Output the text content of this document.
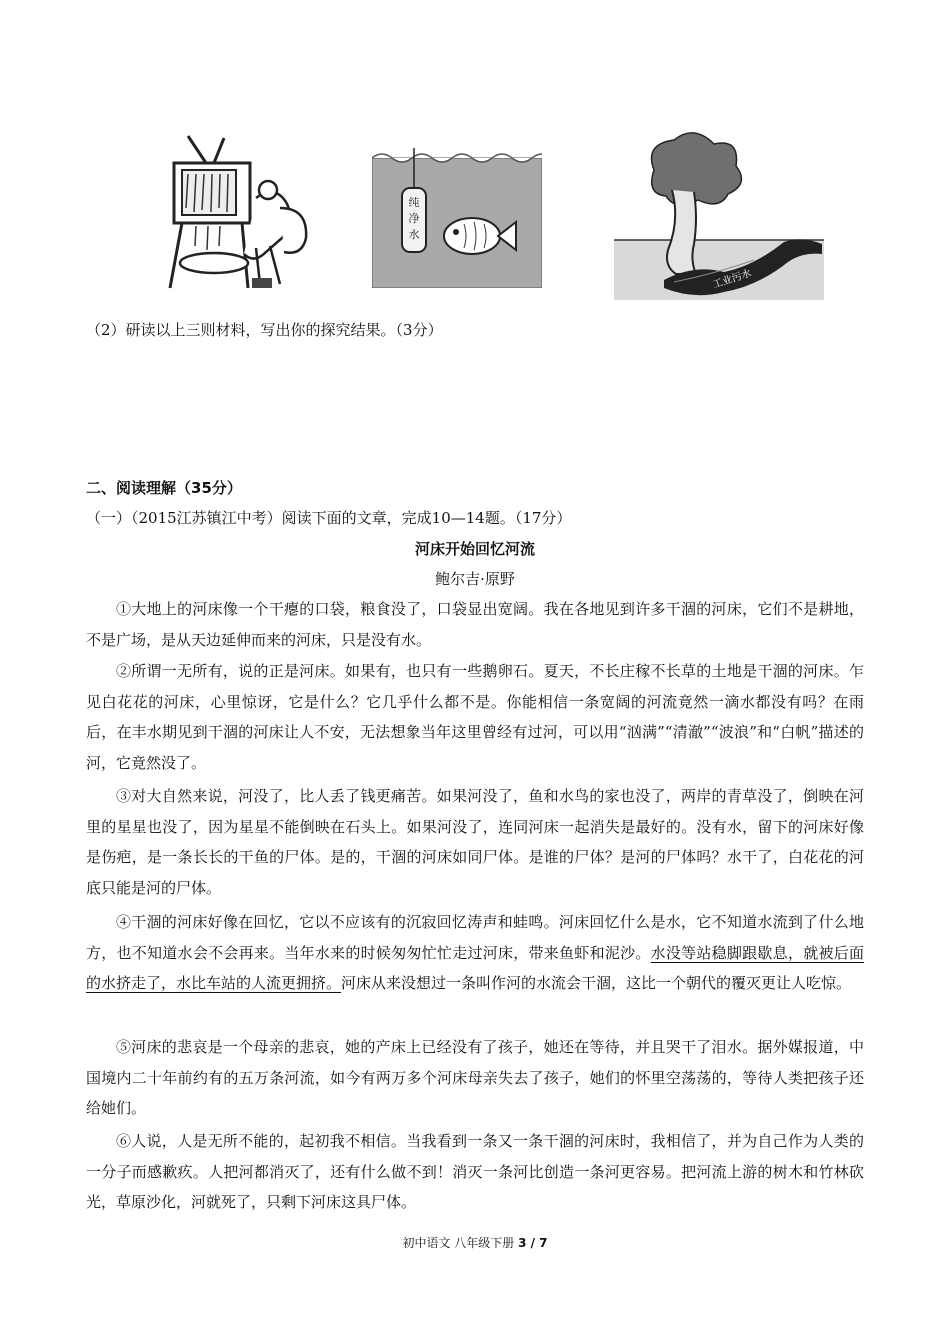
纯
净
水
工业污水
（2）研读以上三则材料，写出你的探究结果。（3分）
二、阅读理解（35分）
（一）（2015江苏镇江中考）阅读下面的文章，完成10—14题。（17分）
河床开始回忆河流
鲍尔吉·原野

①大地上的河床像一个干瘪的口袋，粮食没了，口袋显出宽阔。我在各地见到许多干涸的河床，它们不是耕地，不是广场，是从天边延伸而来的河床，只是没有水。

②所谓一无所有，说的正是河床。如果有，也只有一些鹅卵石。夏天，不长庄稼不长草的土地是干涸的河床。乍见白花花的河床，心里惊讶，它是什么？它几乎什么都不是。你能相信一条宽阔的河流竟然一滴水都没有吗？在雨后，在丰水期见到干涸的河床让人不安，无法想象当年这里曾经有过河，可以用“汹满”“清澈”“波浪”和“白帆”描述的河，它竟然没了。

③对大自然来说，河没了，比人丢了钱更痛苦。如果河没了，鱼和水鸟的家也没了，两岸的青草没了，倒映在河里的星星也没了，因为星星不能倒映在石头上。如果河没了，连同河床一起消失是最好的。没有水，留下的河床好像是伤疤，是一条长长的干鱼的尸体。是的，干涸的河床如同尸体。是谁的尸体？是河的尸体吗？水干了，白花花的河底只能是河的尸体。

④干涸的河床好像在回忆，它以不应该有的沉寂回忆涛声和蛙鸣。河床回忆什么是水，它不知道水流到了什么地方，也不知道水会不会再来。当年水来的时候匆匆忙忙走过河床，带来鱼虾和泥沙。水没等站稳脚跟歇息，就被后面的水挤走了，水比车站的人流更拥挤。河床从来没想过一条叫作河的水流会干涸，这比一个朝代的覆灭更让人吃惊。

⑤河床的悲哀是一个母亲的悲哀，她的产床上已经没有了孩子，她还在等待，并且哭干了泪水。据外媒报道，中国境内二十年前约有的五万条河流，如今有两万多个河床母亲失去了孩子，她们的怀里空荡荡的，等待人类把孩子还给她们。

⑥人说，人是无所不能的，起初我不相信。当我看到一条又一条干涸的河床时，我相信了，并为自己作为人类的一分子而感歉疚。人把河都消灭了，还有什么做不到！消灭一条河比创造一条河更容易。把河流上游的树木和竹林砍光，草原沙化，河就死了，只剩下河床这具尸体。

初中语文 八年级下册 3 / 7
